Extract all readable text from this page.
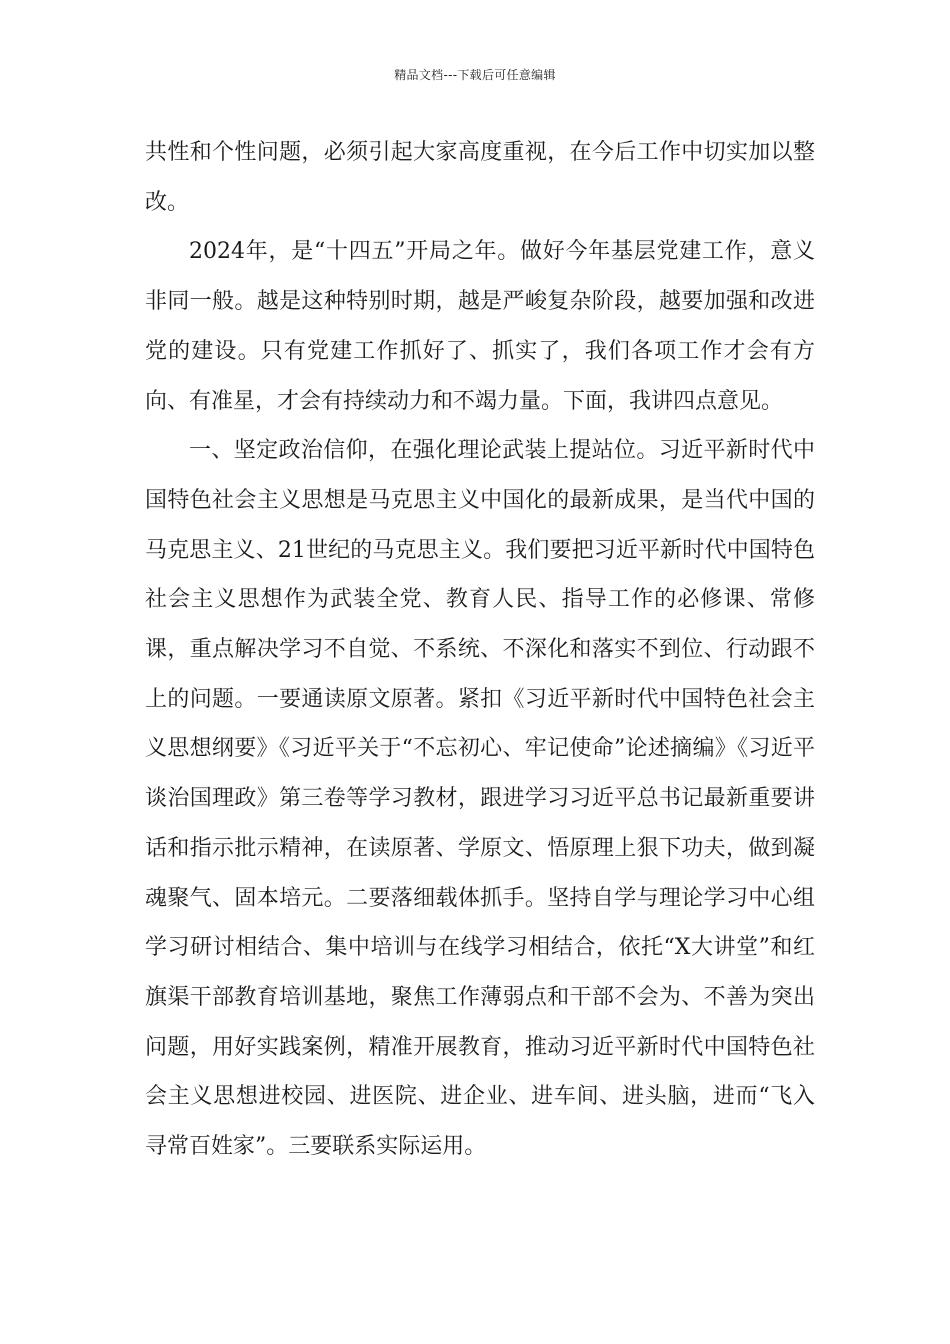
精品文档---下载后可任意编辑

共性和个性问题，必须引起大家高度重视，在今后工作中切实加以整改。

2024年，是“十四五”开局之年。做好今年基层党建工作，意义非同一般。越是这种特别时期，越是严峻复杂阶段，越要加强和改进党的建设。只有党建工作抓好了、抓实了，我们各项工作才会有方向、有准星，才会有持续动力和不竭力量。下面，我讲四点意见。

一、坚定政治信仰，在强化理论武装上提站位。习近平新时代中国特色社会主义思想是马克思主义中国化的最新成果，是当代中国的马克思主义、21世纪的马克思主义。我们要把习近平新时代中国特色社会主义思想作为武装全党、教育人民、指导工作的必修课、常修课，重点解决学习不自觉、不系统、不深化和落实不到位、行动跟不上的问题。一要通读原文原著。紧扣《习近平新时代中国特色社会主义思想纲要》《习近平关于“不忘初心、牢记使命”论述摘编》《习近平谈治国理政》第三卷等学习教材，跟进学习习近平总书记最新重要讲话和指示批示精神，在读原著、学原文、悟原理上狠下功夫，做到凝魂聚气、固本培元。二要落细载体抓手。坚持自学与理论学习中心组学习研讨相结合、集中培训与在线学习相结合，依托“X大讲堂”和红旗渠干部教育培训基地，聚焦工作薄弱点和干部不会为、不善为突出问题，用好实践案例，精准开展教育，推动习近平新时代中国特色社会主义思想进校园、进医院、进企业、进车间、进头脑，进而“飞入寻常百姓家”。三要联系实际运用。
